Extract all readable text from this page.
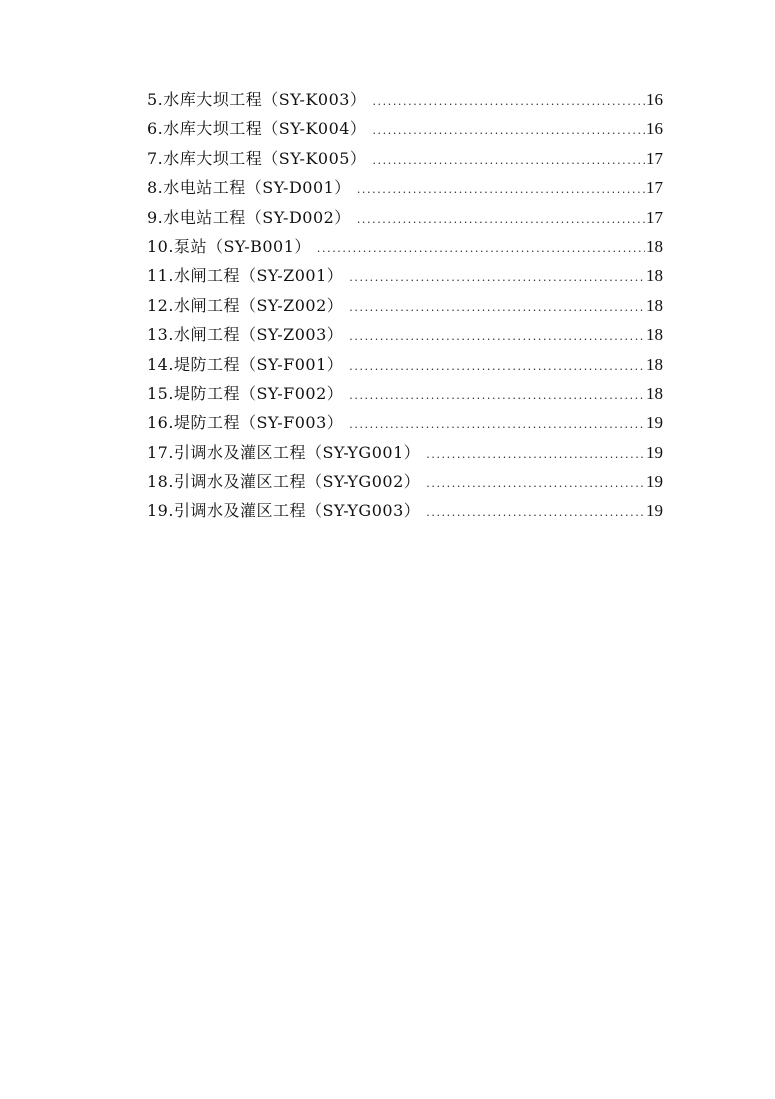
5.水库大坝工程（SY-K003） .....	16
6.水库大坝工程（SY-K004） .....	16
7.水库大坝工程（SY-K005） .....	17
8.水电站工程（SY-D001） .....	17
9.水电站工程（SY-D002） .....	17
10.泵站（SY-B001） .....	18
11.水闸工程（SY-Z001） .....	18
12.水闸工程（SY-Z002） .....	18
13.水闸工程（SY-Z003） .....	18
14.堤防工程（SY-F001） .....	18
15.堤防工程（SY-F002） .....	18
16.堤防工程（SY-F003） .....	19
17.引调水及灌区工程（SY-YG001） .....	19
18.引调水及灌区工程（SY-YG002） .....	19
19.引调水及灌区工程（SY-YG003） .....	19
